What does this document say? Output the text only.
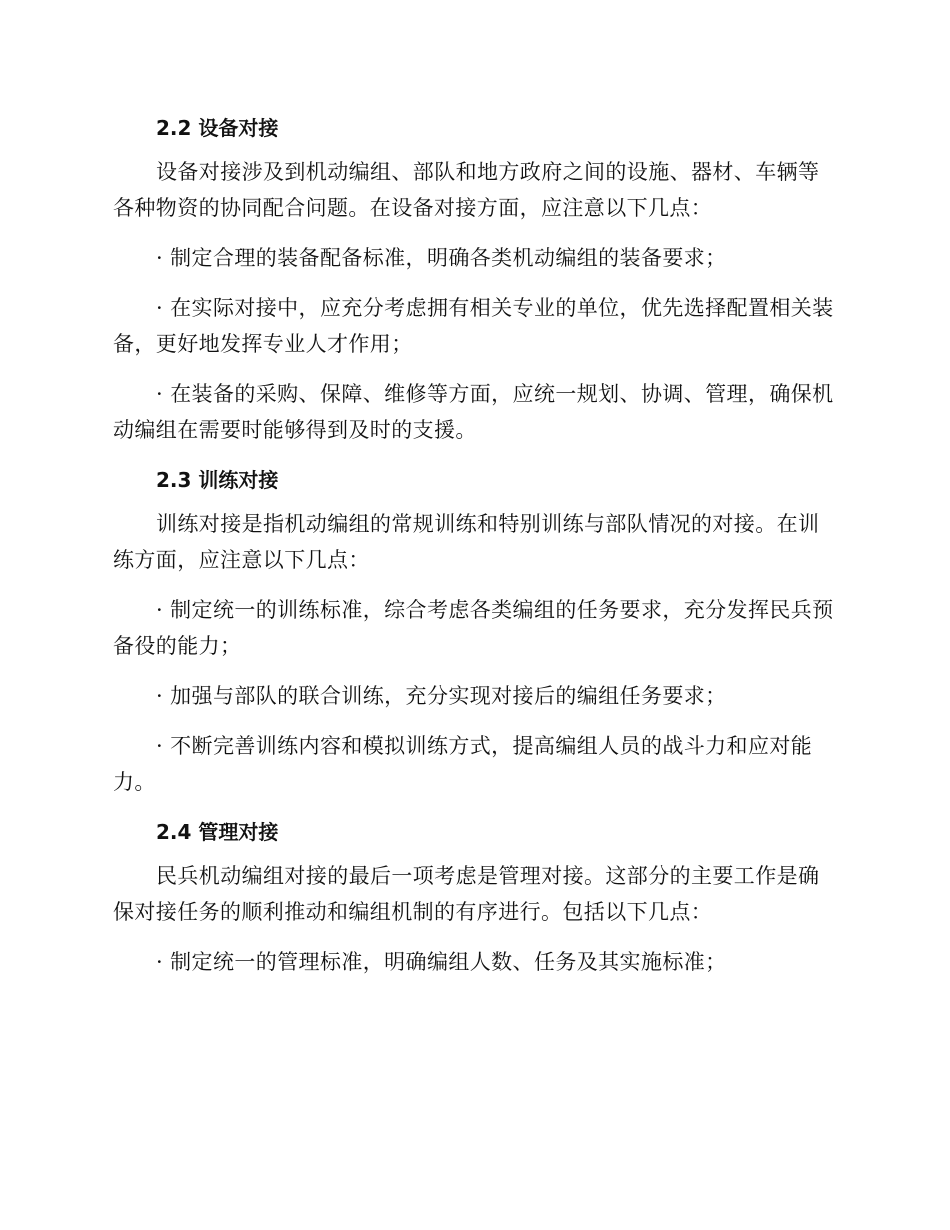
2.2 设备对接

设备对接涉及到机动编组、部队和地方政府之间的设施、器材、车辆等各种物资的协同配合问题。在设备对接方面，应注意以下几点：

· 制定合理的装备配备标准，明确各类机动编组的装备要求；

· 在实际对接中，应充分考虑拥有相关专业的单位，优先选择配置相关装备，更好地发挥专业人才作用；

· 在装备的采购、保障、维修等方面，应统一规划、协调、管理，确保机动编组在需要时能够得到及时的支援。

2.3 训练对接

训练对接是指机动编组的常规训练和特别训练与部队情况的对接。在训练方面，应注意以下几点：

· 制定统一的训练标准，综合考虑各类编组的任务要求，充分发挥民兵预备役的能力；

· 加强与部队的联合训练，充分实现对接后的编组任务要求；

· 不断完善训练内容和模拟训练方式，提高编组人员的战斗力和应对能力。

2.4 管理对接

民兵机动编组对接的最后一项考虑是管理对接。这部分的主要工作是确保对接任务的顺利推动和编组机制的有序进行。包括以下几点：

· 制定统一的管理标准，明确编组人数、任务及其实施标准；
